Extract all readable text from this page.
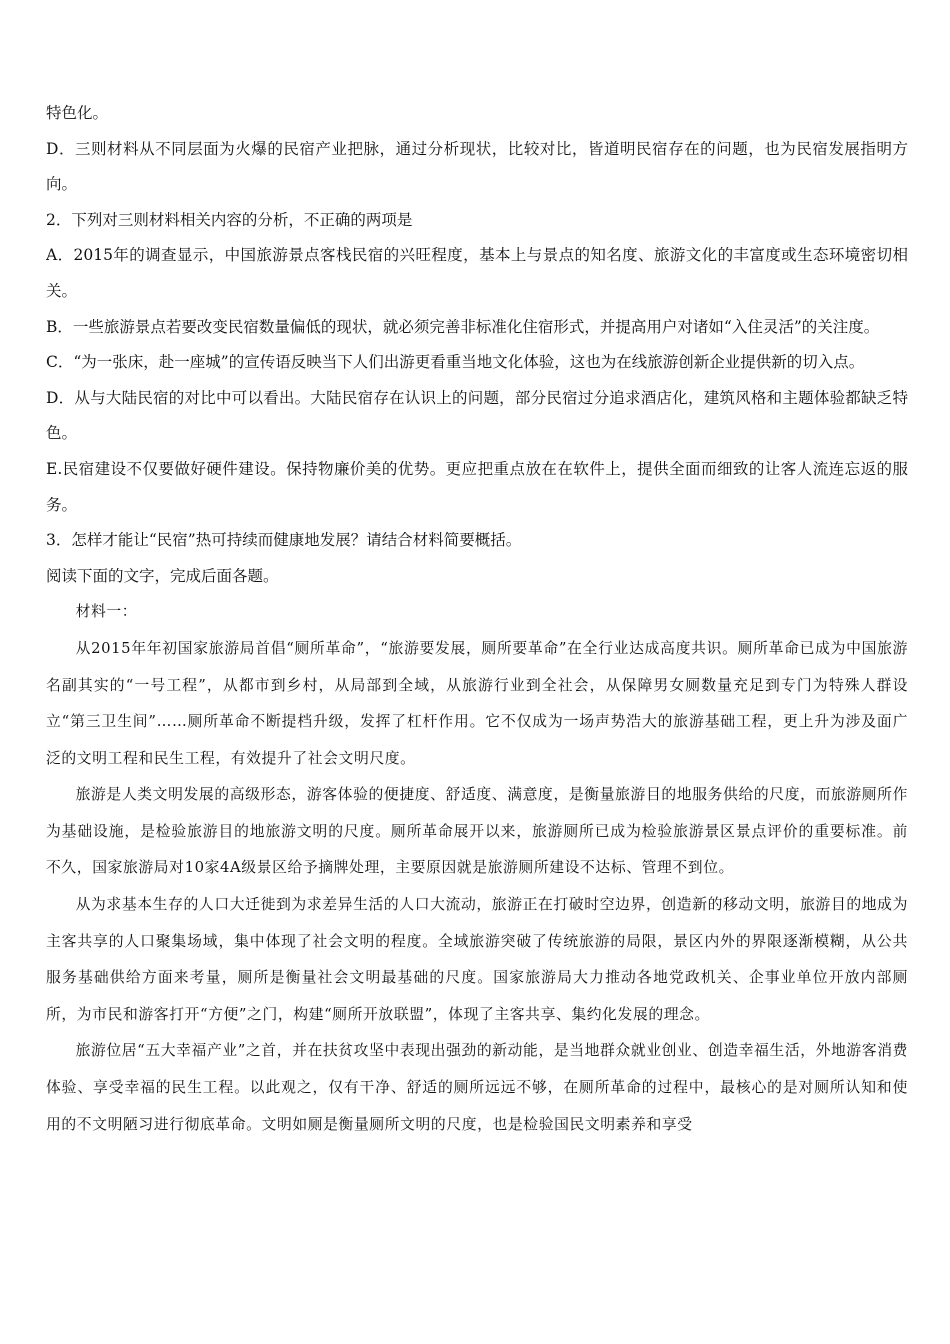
特色化。

D．三则材料从不同层面为火爆的民宿产业把脉，通过分析现状，比较对比，皆道明民宿存在的问题，也为民宿发展指明方向。

2．下列对三则材料相关内容的分析，不正确的两项是

A．2015年的调查显示，中国旅游景点客栈民宿的兴旺程度，基本上与景点的知名度、旅游文化的丰富度或生态环境密切相关。

B．一些旅游景点若要改变民宿数量偏低的现状，就必须完善非标准化住宿形式，并提高用户对诸如“入住灵活”的关注度。

C．“为一张床，赴一座城”的宣传语反映当下人们出游更看重当地文化体验，这也为在线旅游创新企业提供新的切入点。

D．从与大陆民宿的对比中可以看出。大陆民宿存在认识上的问题，部分民宿过分追求酒店化，建筑风格和主题体验都缺乏特色。

E.民宿建设不仅要做好硬件建设。保持物廉价美的优势。更应把重点放在在软件上，提供全面而细致的让客人流连忘返的服务。

3．怎样才能让“民宿”热可持续而健康地发展？请结合材料简要概括。

阅读下面的文字，完成后面各题。

材料一：

从2015年年初国家旅游局首倡“厕所革命”，“旅游要发展，厕所要革命”在全行业达成高度共识。厕所革命已成为中国旅游名副其实的“一号工程”，从都市到乡村，从局部到全域，从旅游行业到全社会，从保障男女厕数量充足到专门为特殊人群设立“第三卫生间”……厕所革命不断提档升级，发挥了杠杆作用。它不仅成为一场声势浩大的旅游基础工程，更上升为涉及面广泛的文明工程和民生工程，有效提升了社会文明尺度。

旅游是人类文明发展的高级形态，游客体验的便捷度、舒适度、满意度，是衡量旅游目的地服务供给的尺度，而旅游厕所作为基础设施，是检验旅游目的地旅游文明的尺度。厕所革命展开以来，旅游厕所已成为检验旅游景区景点评价的重要标准。前不久，国家旅游局对10家4A级景区给予摘牌处理，主要原因就是旅游厕所建设不达标、管理不到位。

从为求基本生存的人口大迁徙到为求差异生活的人口大流动，旅游正在打破时空边界，创造新的移动文明，旅游目的地成为主客共享的人口聚集场域，集中体现了社会文明的程度。全域旅游突破了传统旅游的局限，景区内外的界限逐渐模糊，从公共服务基础供给方面来考量，厕所是衡量社会文明最基础的尺度。国家旅游局大力推动各地党政机关、企事业单位开放内部厕所，为市民和游客打开“方便”之门，构建“厕所开放联盟”，体现了主客共享、集约化发展的理念。

旅游位居“五大幸福产业”之首，并在扶贫攻坚中表现出强劲的新动能，是当地群众就业创业、创造幸福生活，外地游客消费体验、享受幸福的民生工程。以此观之，仅有干净、舒适的厕所远远不够，在厕所革命的过程中，最核心的是对厕所认知和使用的不文明陋习进行彻底革命。文明如厕是衡量厕所文明的尺度，也是检验国民文明素养和享受
